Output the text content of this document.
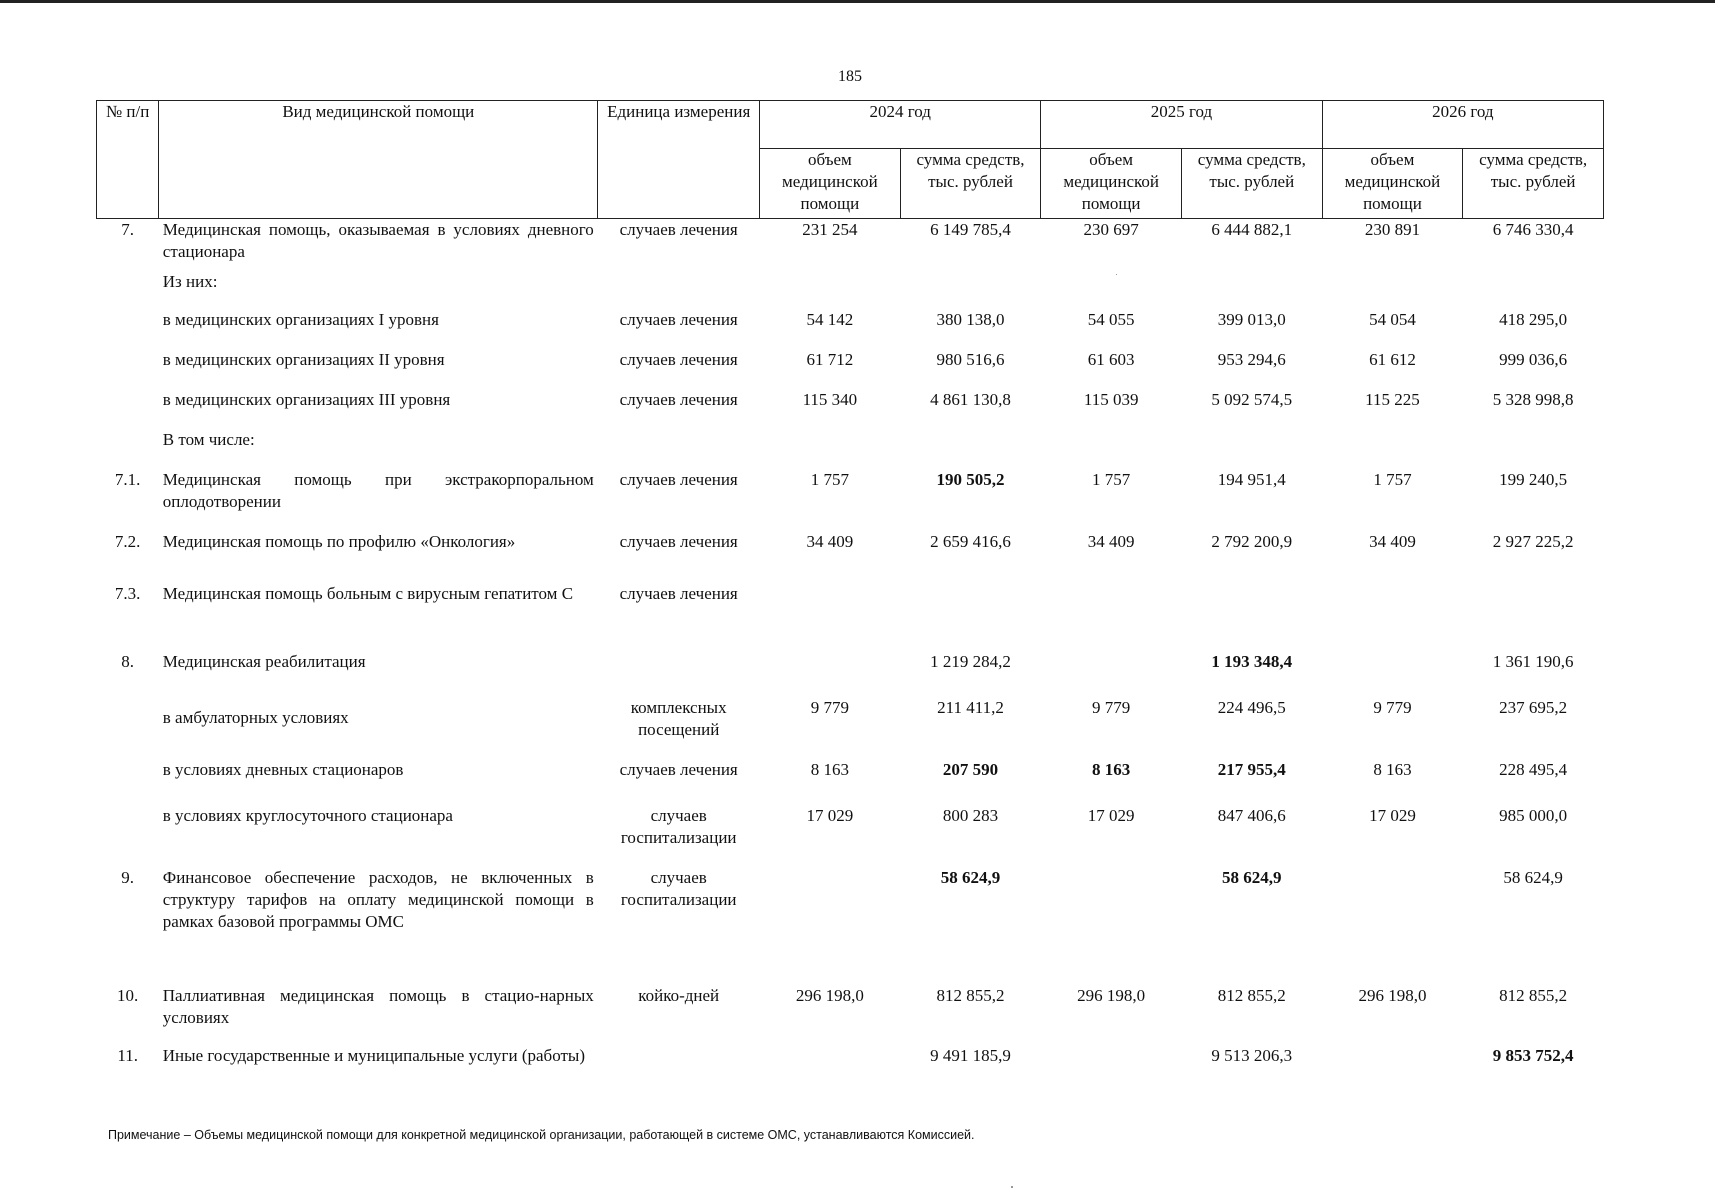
185
№ п/п	Вид медицинской помощи	Единица измерения	2024 год		2025 год		2026 год	
			объем медицинской помощи	сумма средств, тыс. рублей	объем медицинской помощи	сумма средств, тыс. рублей	объем медицинской помощи	сумма средств, тыс. рублей
7.	Медицинская помощь, оказываемая в условиях дневного стационара	случаев лечения	231 254	6 149 785,4	230 697	6 444 882,1	230 891	6 746 330,4
	Из них:							
	в медицинских организациях I уровня	случаев лечения	54 142	380 138,0	54 055	399 013,0	54 054	418 295,0
	в медицинских организациях II уровня	случаев лечения	61 712	980 516,6	61 603	953 294,6	61 612	999 036,6
	в медицинских организациях III уровня	случаев лечения	115 340	4 861 130,8	115 039	5 092 574,5	115 225	5 328 998,8
	В том числе:							
7.1.	Медицинская помощь при экстракорпоральном оплодотворении	случаев лечения	1 757	190 505,2	1 757	194 951,4	1 757	199 240,5
7.2.	Медицинская помощь по профилю «Онкология»	случаев лечения	34 409	2 659 416,6	34 409	2 792 200,9	34 409	2 927 225,2
7.3.	Медицинская помощь больным с вирусным гепатитом С	случаев лечения						
8.	Медицинская реабилитация			1 219 284,2		1 193 348,4		1 361 190,6
	в амбулаторных условиях	комплексных посещений	9 779	211 411,2	9 779	224 496,5	9 779	237 695,2
	в условиях дневных стационаров	случаев лечения	8 163	207 590	8 163	217 955,4	8 163	228 495,4
	в условиях круглосуточного стационара	случаев госпитализации	17 029	800 283	17 029	847 406,6	17 029	985 000,0
9.	Финансовое обеспечение расходов, не включенных в структуру тарифов на оплату медицинской помощи в рамках базовой программы ОМС	случаев госпитализации		58 624,9		58 624,9		58 624,9
10.	Паллиативная медицинская помощь в стацио-нарных условиях	койко-дней	296 198,0	812 855,2	296 198,0	812 855,2	296 198,0	812 855,2
11.	Иные государственные и муниципальные услуги (работы)			9 491 185,9		9 513 206,3		9 853 752,4
Примечание – Объемы медицинской помощи для конкретной медицинской организации, работающей в системе ОМС, устанавливаются Комиссией.
